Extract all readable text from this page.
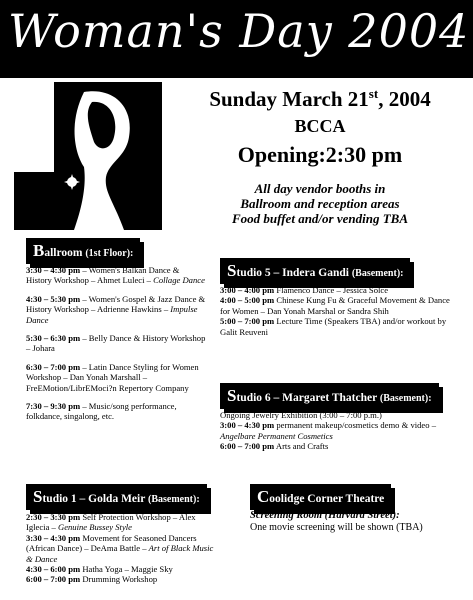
Woman's Day 2004
Sunday March 21st, 2004
BCCA
Opening:2:30 pm
All day vendor booths in
Ballroom and reception areas
Food buffet and/or vending TBA
Ballroom (1st Floor):

3:30 – 4:30 pm – Women's Balkan Dance & History Workshop – Ahmet Luleci – Collage Dance

4:30 – 5:30 pm – Women's Gospel & Jazz Dance & History Workshop – Adrienne Hawkins – Impulse Dance

5:30 – 6:30 pm – Belly Dance & History Workshop – Johara

6:30 – 7:00 pm – Latin Dance Styling for Women Workshop – Dan Yonah Marshall – FreEMotion/LibrEMoci?n Repertory Company

7:30 – 9:30 pm – Music/song performance, folkdance, singalong, etc.

Studio 5 – Indera Gandi (Basement):

3:00 – 4:00 pm Flamenco Dance – Jessica Solce

4:00 – 5:00 pm Chinese Kung Fu & Graceful Movement & Dance for Women – Dan Yonah Marshal or Sandra Shih

5:00 – 7:00 pm Lecture Time (Speakers TBA) and/or workout by Galit Reuveni

Studio 6 – Margaret Thatcher (Basement):

Ongoing Jewelry Exhibition (3:00 – 7:00 p.m.)

3:00 – 4:30 pm permanent makeup/cosmetics demo & video – Angelbare Permanent Cosmetics

6:00 – 7:00 pm Arts and Crafts

Studio 1 – Golda Meir (Basement):

2:30 – 3:30 pm Self Protection Workshop – Alex Iglecia – Genuine Bussey Style

3:30 – 4:30 pm Movement for Seasoned Dancers (African Dance) – DeAma Battle – Art of Black Music & Dance

4:30 – 6:00 pm Hatha Yoga – Maggie Sky

6:00 – 7:00 pm Drumming Workshop

Coolidge Corner Theatre
Screening Room (Harvard Street):
One movie screening will be shown (TBA)
